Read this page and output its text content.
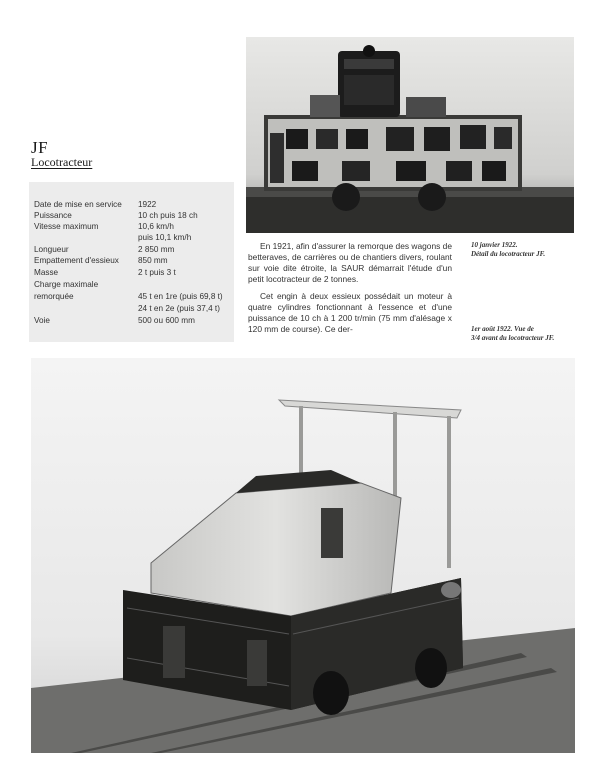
JF
Locotracteur
Date de mise en service 1922
Puissance	10 ch puis 18 ch
Vitesse maximum	10,6 km/h
puis 10,1 km/h
Longueur	2 850 mm
Empattement d'essieux 850 mm
Masse	2 t puis 3 t
Charge maximale
remorquée	45 t en 1re (puis 69,8 t)
24 t en 2e (puis 37,4 t)
Voie	500 ou 600 mm

En 1921, afin d'assurer la remorque des wagons de betteraves, de carrières ou de chantiers divers, roulant sur voie dite étroite, la SAUR démarrait l'étude d'un petit locotracteur de 2 tonnes.

Cet engin à deux essieux possédait un moteur à quatre cylindres fonctionnant à l'essence et d'une puissance de 10 ch à 1 200 tr/min (75 mm d'alésage x 120 mm de course). Ce der-

10 janvier 1922.
Détail du locotracteur JF.
1er août 1922. Vue de
3/4 avant du locotracteur JF.
